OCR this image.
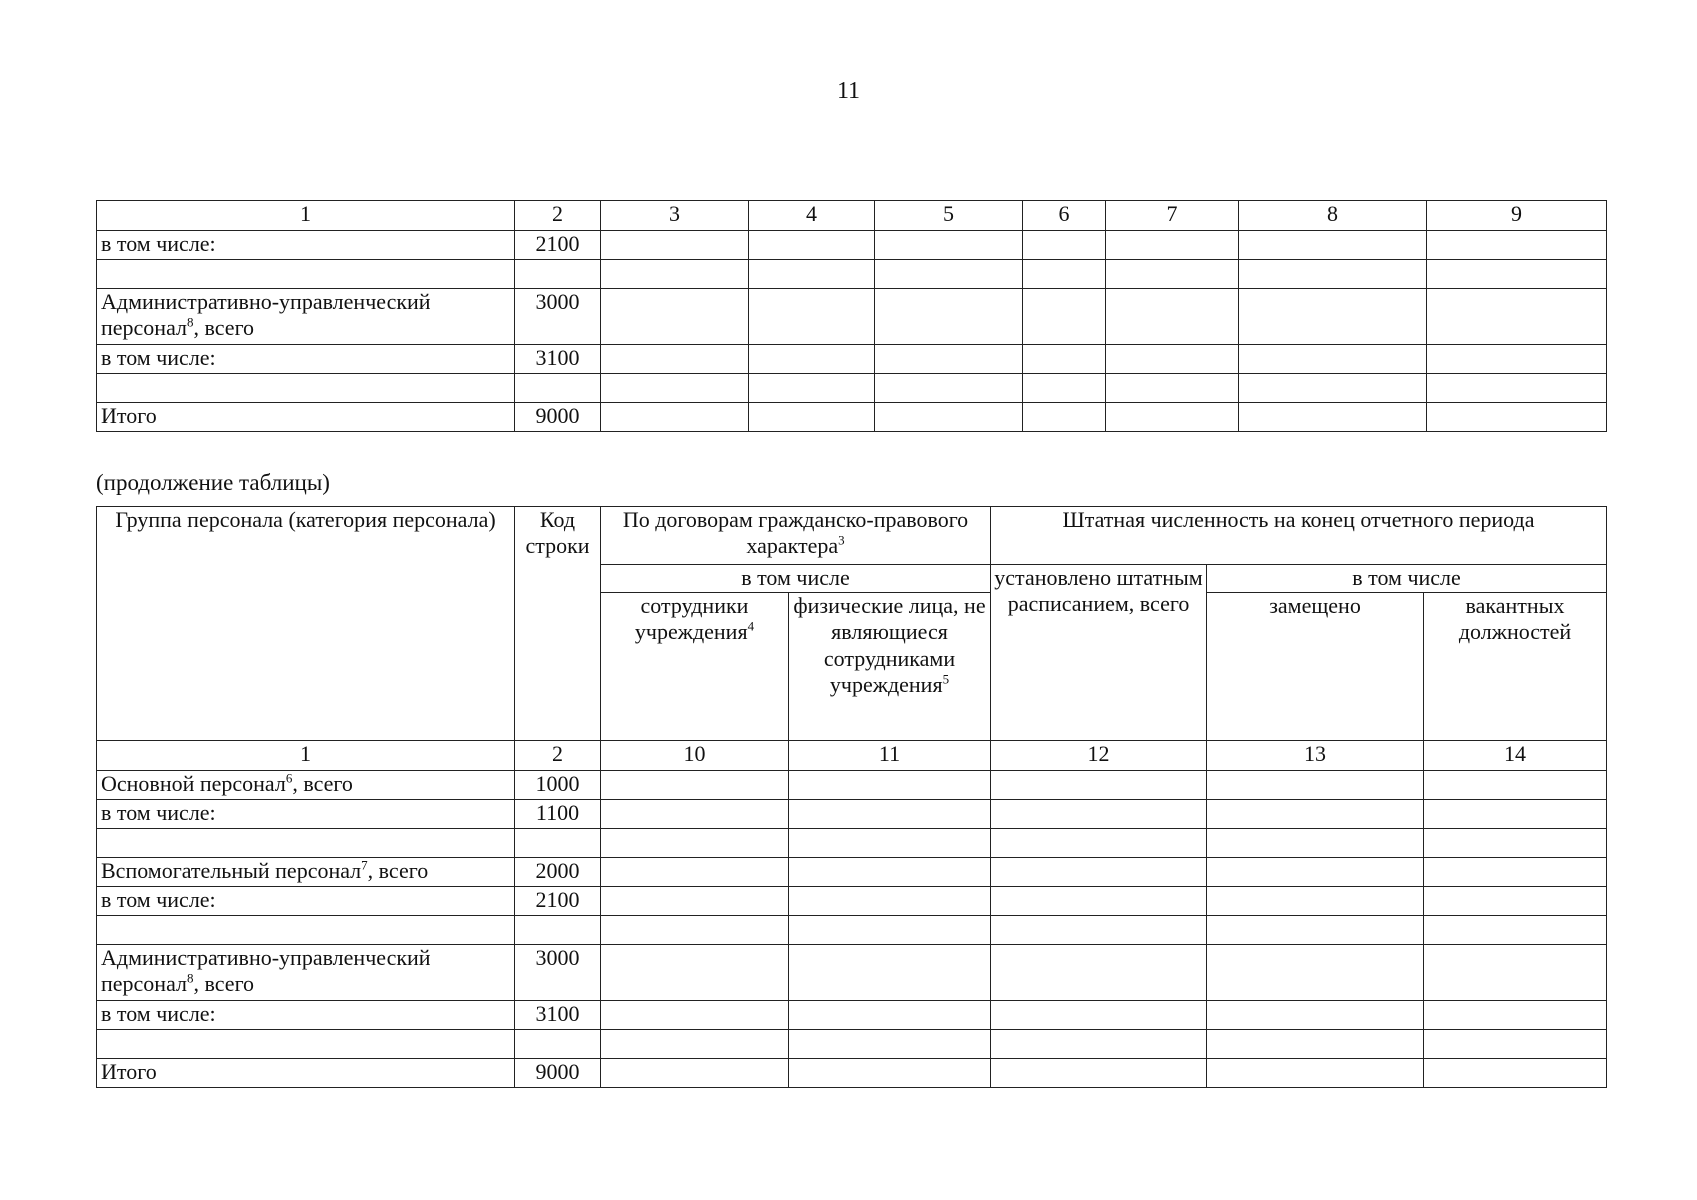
11
1	2	3	4	5	6	7	8	9
в том числе:	2100							

Административно-управленческий персонал$^8$, всего	3000							
в том числе:	3100							

Итого	9000							
(продолжение таблицы)
Группа персонала (категория персонала)	Код строки	По договорам гражданско-правового характера$^3$		Штатная численность на конец отчетного периода		
		в том числе		установлено штатным расписанием, всего	в том числе	
		сотрудники учреждения$^4$	физические лица, не являющиеся сотрудниками учреждения$^5$		замещено	вакантных должностей
1	2	10	11	12	13	14
Основной персонал$^6$, всего	1000					
в том числе:	1100					

Вспомогательный персонал$^7$, всего	2000					
в том числе:	2100					

Административно-управленческий персонал$^8$, всего	3000					
в том числе:	3100					

Итого	9000					
